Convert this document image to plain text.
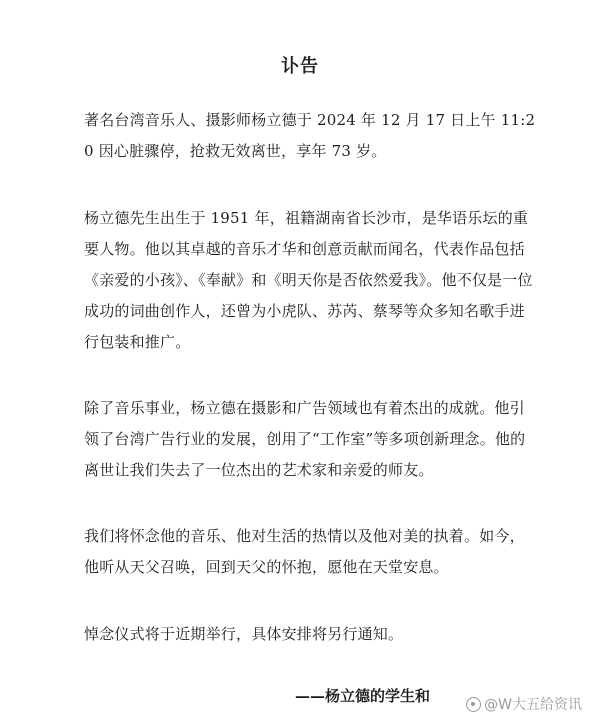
讣告

著名台湾音乐人、摄影师杨立德于 2024 年 12 月 17 日上午 11:20 因心脏骤停，抢救无效离世，享年 73 岁。

杨立德先生出生于 1951 年，祖籍湖南省长沙市，是华语乐坛的重要人物。他以其卓越的音乐才华和创意贡献而闻名，代表作品包括《亲爱的小孩》、《奉献》和《明天你是否依然爱我》。他不仅是一位成功的词曲创作人，还曾为小虎队、苏芮、蔡琴等众多知名歌手进行包装和推广。

除了音乐事业，杨立德在摄影和广告领域也有着杰出的成就。他引领了台湾广告行业的发展，创用了“工作室”等多项创新理念。他的离世让我们失去了一位杰出的艺术家和亲爱的师友。

我们将怀念他的音乐、他对生活的热情以及他对美的执着。如今，他听从天父召唤，回到天父的怀抱，愿他在天堂安息。

悼念仪式将于近期举行，具体安排将另行通知。

——杨立德的学生和	@W大五给资讯
